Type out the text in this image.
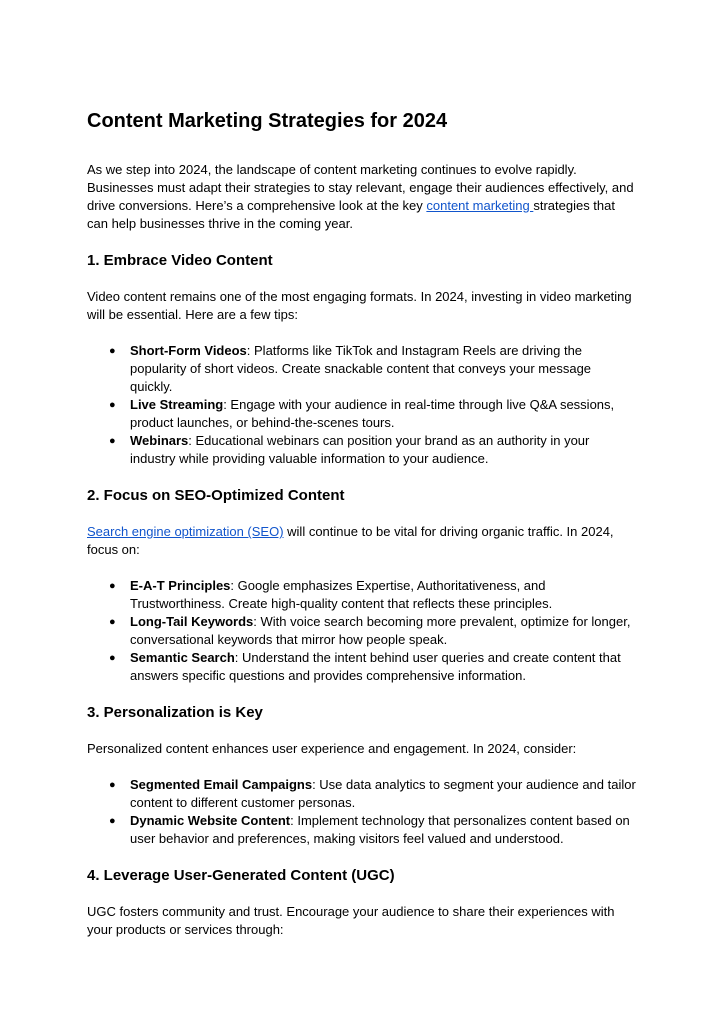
Content Marketing Strategies for 2024

As we step into 2024, the landscape of content marketing continues to evolve rapidly. Businesses must adapt their strategies to stay relevant, engage their audiences effectively, and drive conversions. Here’s a comprehensive look at the key content marketing strategies that can help businesses thrive in the coming year.

1. Embrace Video Content

Video content remains one of the most engaging formats. In 2024, investing in video marketing will be essential. Here are a few tips:

● Short-Form Videos: Platforms like TikTok and Instagram Reels are driving the popularity of short videos. Create snackable content that conveys your message quickly.
● Live Streaming: Engage with your audience in real-time through live Q&A sessions, product launches, or behind-the-scenes tours.
● Webinars: Educational webinars can position your brand as an authority in your industry while providing valuable information to your audience.
2. Focus on SEO-Optimized Content

Search engine optimization (SEO) will continue to be vital for driving organic traffic. In 2024, focus on:

● E-A-T Principles: Google emphasizes Expertise, Authoritativeness, and Trustworthiness. Create high-quality content that reflects these principles.
● Long-Tail Keywords: With voice search becoming more prevalent, optimize for longer, conversational keywords that mirror how people speak.
● Semantic Search: Understand the intent behind user queries and create content that answers specific questions and provides comprehensive information.
3. Personalization is Key

Personalized content enhances user experience and engagement. In 2024, consider:

● Segmented Email Campaigns: Use data analytics to segment your audience and tailor content to different customer personas.
● Dynamic Website Content: Implement technology that personalizes content based on user behavior and preferences, making visitors feel valued and understood.
4. Leverage User-Generated Content (UGC)

UGC fosters community and trust. Encourage your audience to share their experiences with your products or services through:
